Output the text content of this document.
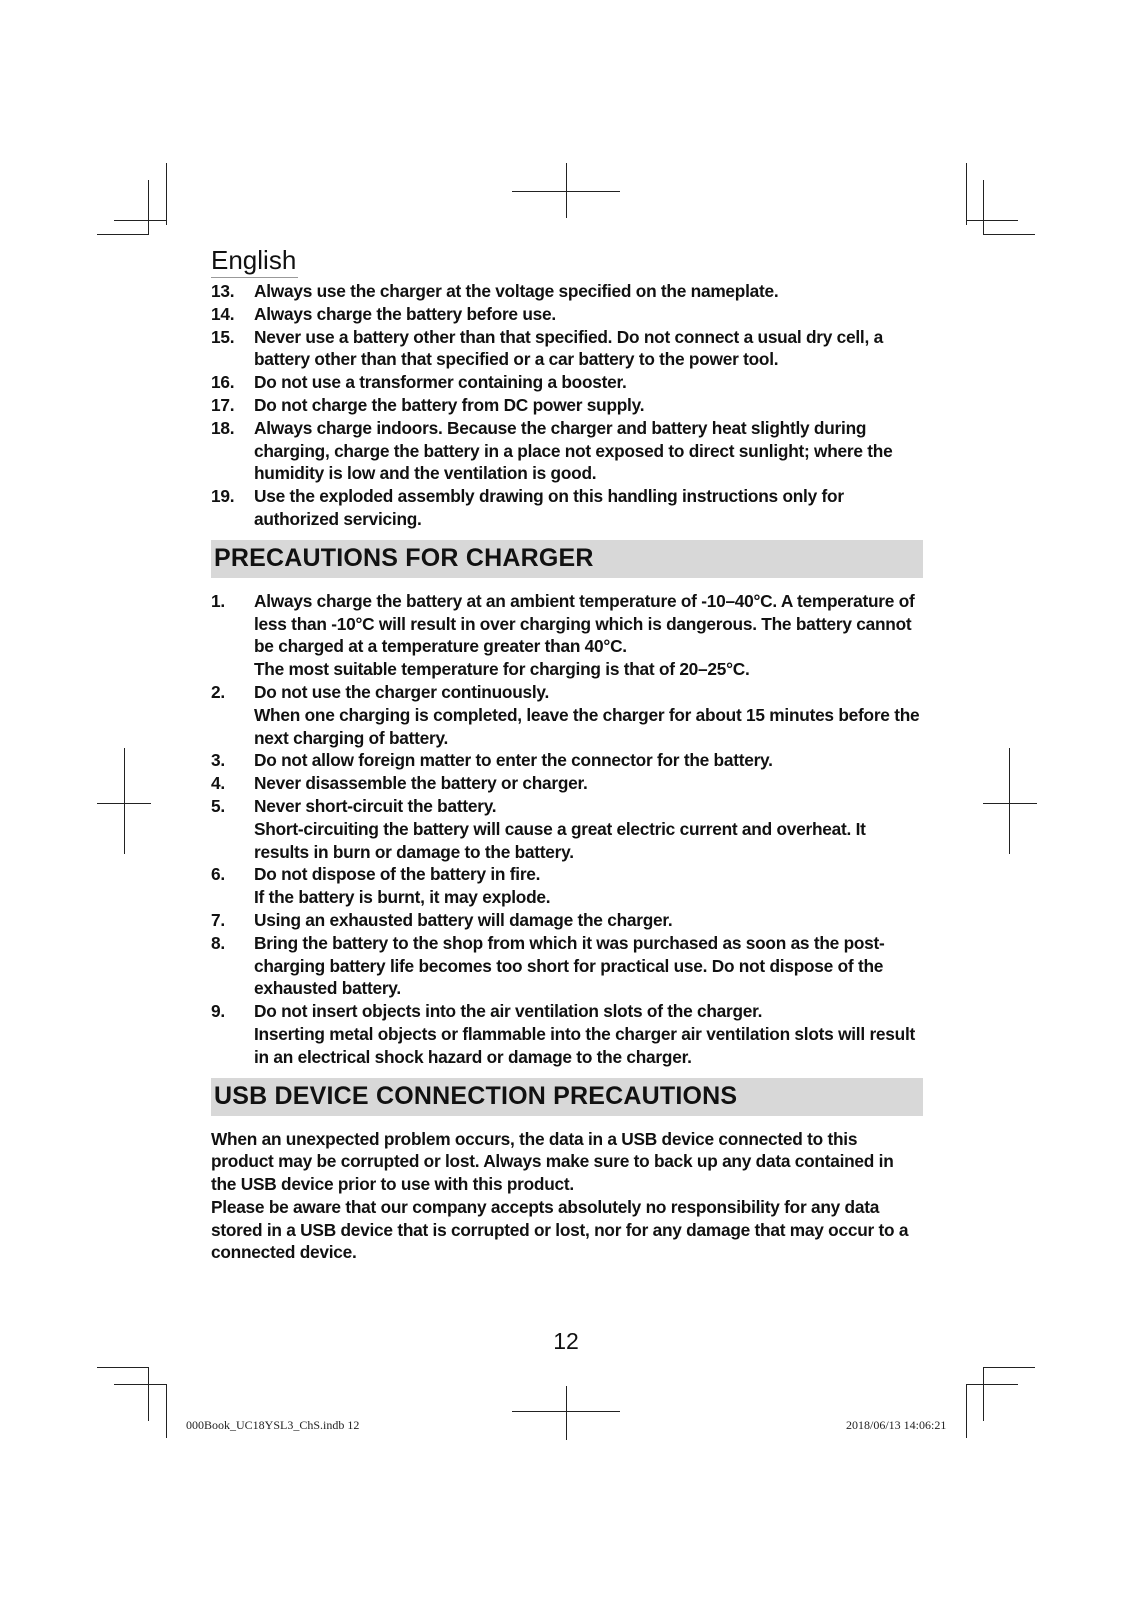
English
13.	Always use the charger at the voltage specified on the nameplate.

14.	Always charge the battery before use.

15.	Never use a battery other than that specified. Do not connect a usual dry cell, a battery other than that specified or a car battery to the power tool.

16.	Do not use a transformer containing a booster.

17.	Do not charge the battery from DC power supply.

18.	Always charge indoors. Because the charger and battery heat slightly during charging, charge the battery in a place not exposed to direct sunlight; where the humidity is low and the ventilation is good.

19.	Use the exploded assembly drawing on this handling instructions only for authorized servicing.

PRECAUTIONS FOR CHARGER
1.	Always charge the battery at an ambient temperature of -10–40°C. A temperature of less than -10°C will result in over charging which is dangerous. The battery cannot be charged at a temperature greater than 40°C.

The most suitable temperature for charging is that of 20–25°C.

2.	Do not use the charger continuously.

When one charging is completed, leave the charger for about 15 minutes before the next charging of battery.

3.	Do not allow foreign matter to enter the connector for the battery.

4.	Never disassemble the battery or charger.

5.	Never short-circuit the battery.

Short-circuiting the battery will cause a great electric current and overheat. It results in burn or damage to the battery.

6.	Do not dispose of the battery in fire.

If the battery is burnt, it may explode.

7.	Using an exhausted battery will damage the charger.

8.	Bring the battery to the shop from which it was purchased as soon as the post-charging battery life becomes too short for practical use. Do not dispose of the exhausted battery.

9.	Do not insert objects into the air ventilation slots of the charger.

Inserting metal objects or flammable into the charger air ventilation slots will result in an electrical shock hazard or damage to the charger.

USB DEVICE CONNECTION PRECAUTIONS

When an unexpected problem occurs, the data in a USB device connected to this product may be corrupted or lost. Always make sure to back up any data contained in the USB device prior to use with this product.

Please be aware that our company accepts absolutely no responsibility for any data stored in a USB device that is corrupted or lost, nor for any damage that may occur to a connected device.

12
000Book_UC18YSL3_ChS.indb 12	2018/06/13 14:06:21
